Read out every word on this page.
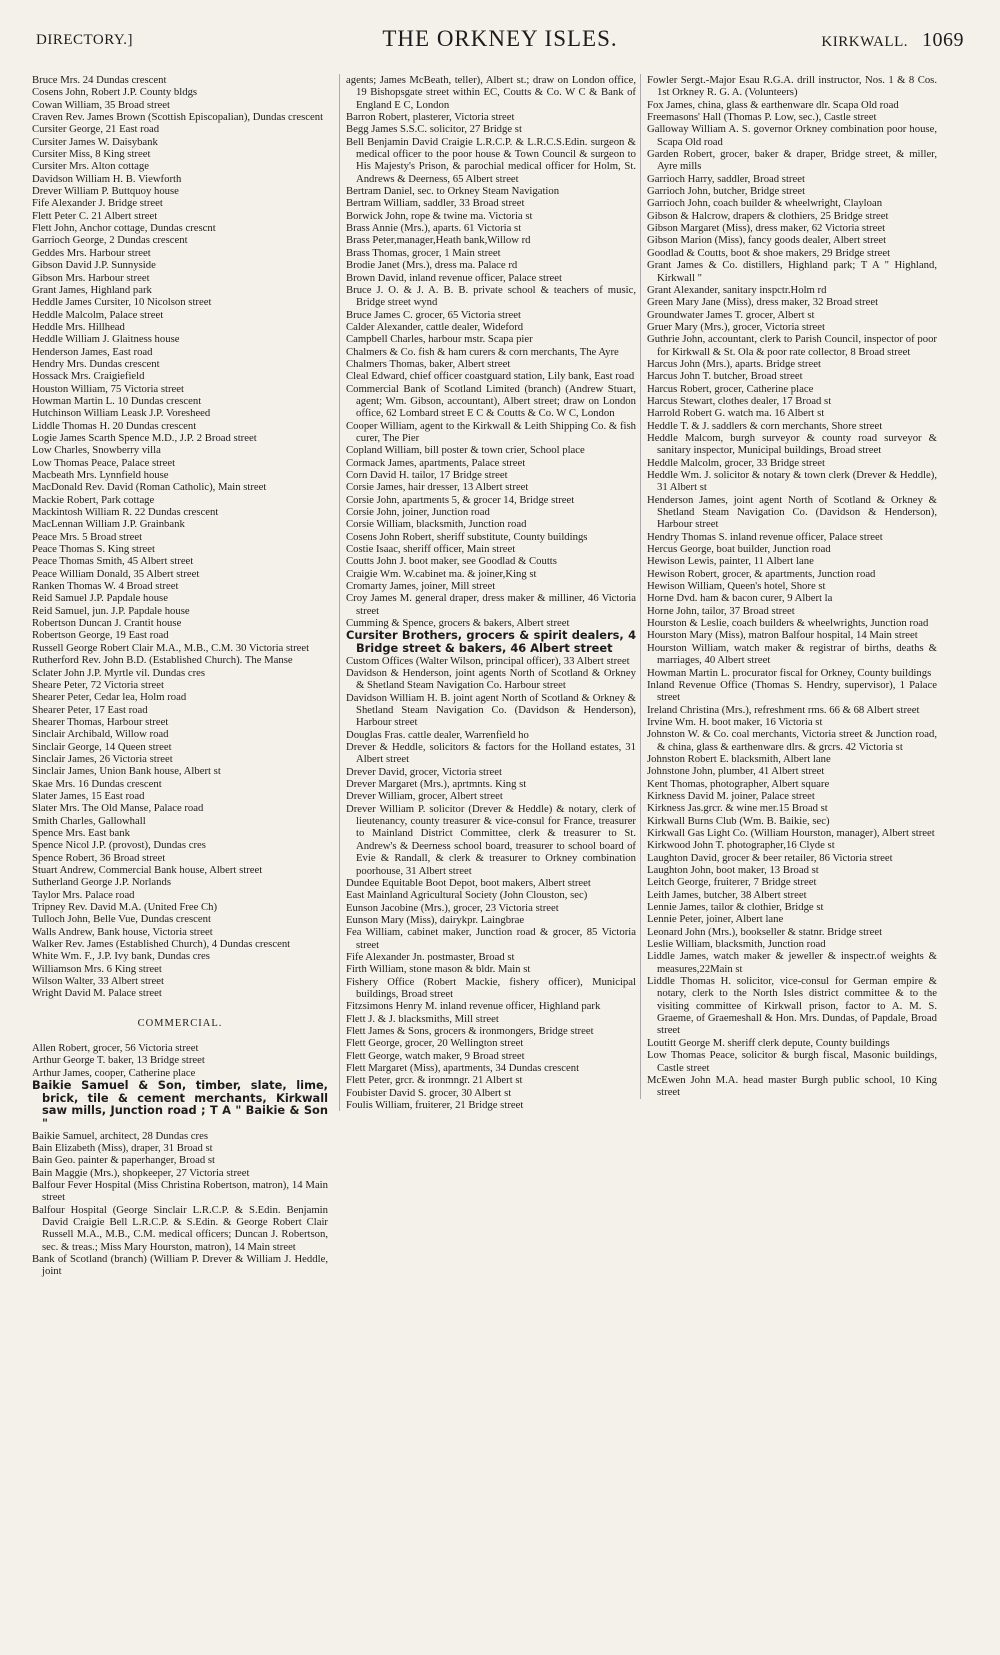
DIRECTORY.]	THE ORKNEY ISLES.	KIRKWALL. 1069
Bruce Mrs. 24 Dundas crescent
Cosens John, Robert J.P. County bldgs
Cowan William, 35 Broad street
Craven Rev. James Brown (Scottish Episcopalian), Dundas crescent
Cursiter George, 21 East road
Cursiter James W. Daisybank
Cursiter Miss, 8 King street
Cursiter Mrs. Alton cottage
Davidson William H. B. Viewforth
Drever William P. Buttquoy house
Fife Alexander J. Bridge street
Flett Peter C. 21 Albert street
Flett John, Anchor cottage, Dundas crescnt
Garrioch George, 2 Dundas crescent
Geddes Mrs. Harbour street
Gibson David J.P. Sunnyside
Gibson Mrs. Harbour street
Grant James, Highland park
Heddle James Cursiter, 10 Nicolson street
Heddle Malcolm, Palace street
Heddle Mrs. Hillhead
Heddle William J. Glaitness house
Henderson James, East road
Hendry Mrs. Dundas crescent
Hossack Mrs. Craigiefield
Houston William, 75 Victoria street
Howman Martin L. 10 Dundas crescent
Hutchinson William Leask J.P. Voresheed
Liddle Thomas H. 20 Dundas crescent
Logie James Scarth Spence M.D., J.P. 2 Broad street
Low Charles, Snowberry villa
Low Thomas Peace, Palace street
Macbeath Mrs. Lynnfield house
MacDonald Rev. David (Roman Catholic), Main street
Mackie Robert, Park cottage
Mackintosh William R. 22 Dundas crescent
MacLennan William J.P. Grainbank
Peace Mrs. 5 Broad street
Peace Thomas S. King street
Peace Thomas Smith, 45 Albert street
Peace William Donald, 35 Albert street
Ranken Thomas W. 4 Broad street
Reid Samuel J.P. Papdale house
Reid Samuel, jun. J.P. Papdale house
Robertson Duncan J. Crantit house
Robertson George, 19 East road
Russell George Robert Clair M.A., M.B., C.M. 30 Victoria street
Rutherford Rev. John B.D. (Established Church). The Manse
Sclater John J.P. Myrtle vil. Dundas cres
Sheare Peter, 72 Victoria street
Shearer Peter, Cedar lea, Holm road
Shearer Peter, 17 East road
Shearer Thomas, Harbour street
Sinclair Archibald, Willow road
Sinclair George, 14 Queen street
Sinclair James, 26 Victoria street
Sinclair James, Union Bank house, Albert st
Skae Mrs. 16 Dundas crescent
Slater James, 15 East road
Slater Mrs. The Old Manse, Palace road
Smith Charles, Gallowhall
Spence Mrs. East bank
Spence Nicol J.P. (provost), Dundas cres
Spence Robert, 36 Broad street
Stuart Andrew, Commercial Bank house, Albert street
Sutherland George J.P. Norlands
Taylor Mrs. Palace road
Tripney Rev. David M.A. (United Free Ch)
Tulloch John, Belle Vue, Dundas crescent
Walls Andrew, Bank house, Victoria street
Walker Rev. James (Established Church), 4 Dundas crescent
White Wm. F., J.P. Ivy bank, Dundas cres
Williamson Mrs. 6 King street
Wilson Walter, 33 Albert street
Wright David M. Palace street
COMMERCIAL.
Allen Robert, grocer, 56 Victoria street
Arthur George T. baker, 13 Bridge street
Arthur James, cooper, Catherine place
Baikie Samuel & Son, timber, slate, lime, brick, tile & cement merchants, Kirkwall saw mills, Junction road ; T A " Baikie & Son "
Baikie Samuel, architect, 28 Dundas cres
Bain Elizabeth (Miss), draper, 31 Broad st
Bain Geo. painter & paperhanger, Broad st
Bain Maggie (Mrs.), shopkeeper, 27 Victoria street
Balfour Fever Hospital (Miss Christina Robertson, matron), 14 Main street
Balfour Hospital (George Sinclair L.R.C.P. & S.Edin. Benjamin David Craigie Bell L.R.C.P. & S.Edin. & George Robert Clair Russell M.A., M.B., C.M. medical officers; Duncan J. Robertson, sec. & treas.; Miss Mary Hourston, matron), 14 Main street
Bank of Scotland (branch) (William P. Drever & William J. Heddle, joint
agents; James McBeath, teller), Albert st.; draw on London office, 19 Bishopsgate street within EC, Coutts & Co. W C & Bank of England E C, London
Barron Robert, plasterer, Victoria street
Begg James S.S.C. solicitor, 27 Bridge st
Bell Benjamin David Craigie L.R.C.P. & L.R.C.S.Edin. surgeon & medical officer to the poor house & Town Council & surgeon to His Majesty's Prison, & parochial medical officer for Holm, St. Andrews & Deerness, 65 Albert street
Bertram Daniel, sec. to Orkney Steam Navigation
Bertram William, saddler, 33 Broad street
Borwick John, rope & twine ma. Victoria st
Brass Annie (Mrs.), aparts. 61 Victoria st
Brass Peter,manager,Heath bank,Willow rd
Brass Thomas, grocer, 1 Main street
Brodie Janet (Mrs.), dress ma. Palace rd
Brown David, inland revenue officer, Palace street
Bruce J. O. & J. A. B. B. private school & teachers of music, Bridge street wynd
Bruce James C. grocer, 65 Victoria street
Calder Alexander, cattle dealer, Wideford
Campbell Charles, harbour mstr. Scapa pier
Chalmers & Co. fish & ham curers & corn merchants, The Ayre
Chalmers Thomas, baker, Albert street
Cleal Edward, chief officer coastguard station, Lily bank, East road
Commercial Bank of Scotland Limited (branch) (Andrew Stuart, agent; Wm. Gibson, accountant), Albert street; draw on London office, 62 Lombard street E C & Coutts & Co. W C, London
Cooper William, agent to the Kirkwall & Leith Shipping Co. & fish curer, The Pier
Copland William, bill poster & town crier, School place
Cormack James, apartments, Palace street
Corn David H. tailor, 17 Bridge street
Corsie James, hair dresser, 13 Albert street
Corsie John, apartments 5, & grocer 14, Bridge street
Corsie John, joiner, Junction road
Corsie William, blacksmith, Junction road
Cosens John Robert, sheriff substitute, County buildings
Costie Isaac, sheriff officer, Main street
Coutts John J. boot maker, see Goodlad & Coutts
Craigie Wm. W.cabinet ma. & joiner,King st
Cromarty James, joiner, Mill street
Croy James M. general draper, dress maker & milliner, 46 Victoria street
Cumming & Spence, grocers & bakers, Albert street
Cursiter Brothers, grocers & spirit dealers, 4 Bridge street & bakers, 46 Albert street
Custom Offices (Walter Wilson, principal officer), 33 Albert street
Davidson & Henderson, joint agents North of Scotland & Orkney & Shetland Steam Navigation Co. Harbour street
Davidson William H. B. joint agent North of Scotland & Orkney & Shetland Steam Navigation Co. (Davidson & Henderson), Harbour street
Douglas Fras. cattle dealer, Warrenfield ho
Drever & Heddle, solicitors & factors for the Holland estates, 31 Albert street
Drever David, grocer, Victoria street
Drever Margaret (Mrs.), aprtmnts. King st
Drever William, grocer, Albert street
Drever William P. solicitor (Drever & Heddle) & notary, clerk of lieutenancy, county treasurer & vice-consul for France, treasurer to Mainland District Committee, clerk & treasurer to St. Andrew's & Deerness school board, treasurer to school board of Evie & Randall, & clerk & treasurer to Orkney combination poorhouse, 31 Albert street
Dundee Equitable Boot Depot, boot makers, Albert street
East Mainland Agricultural Society (John Clouston, sec)
Eunson Jacobine (Mrs.), grocer, 23 Victoria street
Eunson Mary (Miss), dairykpr. Laingbrae
Fea William, cabinet maker, Junction road & grocer, 85 Victoria street
Fife Alexander Jn. postmaster, Broad st
Firth William, stone mason & bldr. Main st
Fishery Office (Robert Mackie, fishery officer), Municipal buildings, Broad street
Fitzsimons Henry M. inland revenue officer, Highland park
Flett J. & J. blacksmiths, Mill street
Flett James & Sons, grocers & ironmongers, Bridge street
Flett George, grocer, 20 Wellington street
Flett George, watch maker, 9 Broad street
Flett Margaret (Miss), apartments, 34 Dundas crescent
Flett Peter, grcr. & ironmngr. 21 Albert st
Foubister David S. grocer, 30 Albert st
Foulis William, fruiterer, 21 Bridge street
Fowler Sergt.-Major Esau R.G.A. drill instructor, Nos. 1 & 8 Cos. 1st Orkney R. G. A. (Volunteers)
Fox James, china, glass & earthenware dlr. Scapa Old road
Freemasons' Hall (Thomas P. Low, sec.), Castle street
Galloway William A. S. governor Orkney combination poor house, Scapa Old road
Garden Robert, grocer, baker & draper, Bridge street, & miller, Ayre mills
Garrioch Harry, saddler, Broad street
Garrioch John, butcher, Bridge street
Garrioch John, coach builder & wheelwright, Clayloan
Gibson & Halcrow, drapers & clothiers, 25 Bridge street
Gibson Margaret (Miss), dress maker, 62 Victoria street
Gibson Marion (Miss), fancy goods dealer, Albert street
Goodlad & Coutts, boot & shoe makers, 29 Bridge street
Grant James & Co. distillers, Highland park; T A " Highland, Kirkwall "
Grant Alexander, sanitary inspctr.Holm rd
Green Mary Jane (Miss), dress maker, 32 Broad street
Groundwater James T. grocer, Albert st
Gruer Mary (Mrs.), grocer, Victoria street
Guthrie John, accountant, clerk to Parish Council, inspector of poor for Kirkwall & St. Ola & poor rate collector, 8 Broad street
Harcus John (Mrs.), aparts. Bridge street
Harcus John T. butcher, Broad street
Harcus Robert, grocer, Catherine place
Harcus Stewart, clothes dealer, 17 Broad st
Harrold Robert G. watch ma. 16 Albert st
Heddle T. & J. saddlers & corn merchants, Shore street
Heddle Malcom, burgh surveyor & county road surveyor & sanitary inspector, Municipal buildings, Broad street
Heddle Malcolm, grocer, 33 Bridge street
Heddle Wm. J. solicitor & notary & town clerk (Drever & Heddle), 31 Albert st
Henderson James, joint agent North of Scotland & Orkney & Shetland Steam Navigation Co. (Davidson & Henderson), Harbour street
Hendry Thomas S. inland revenue officer, Palace street
Hercus George, boat builder, Junction road
Hewison Lewis, painter, 11 Albert lane
Hewison Robert, grocer, & apartments, Junction road
Hewison William, Queen's hotel, Shore st
Horne Dvd. ham & bacon curer, 9 Albert la
Horne John, tailor, 37 Broad street
Hourston & Leslie, coach builders & wheelwrights, Junction road
Hourston Mary (Miss), matron Balfour hospital, 14 Main street
Hourston William, watch maker & registrar of births, deaths & marriages, 40 Albert street
Howman Martin L. procurator fiscal for Orkney, County buildings
Inland Revenue Office (Thomas S. Hendry, supervisor), 1 Palace street
Ireland Christina (Mrs.), refreshment rms. 66 & 68 Albert street
Irvine Wm. H. boot maker, 16 Victoria st
Johnston W. & Co. coal merchants, Victoria street & Junction road, & china, glass & earthenware dlrs. & grcrs. 42 Victoria st
Johnston Robert E. blacksmith, Albert lane
Johnstone John, plumber, 41 Albert street
Kent Thomas, photographer, Albert square
Kirkness David M. joiner, Palace street
Kirkness Jas.grcr. & wine mer.15 Broad st
Kirkwall Burns Club (Wm. B. Baikie, sec)
Kirkwall Gas Light Co. (William Hourston, manager), Albert street
Kirkwood John T. photographer,16 Clyde st
Laughton David, grocer & beer retailer, 86 Victoria street
Laughton John, boot maker, 13 Broad st
Leitch George, fruiterer, 7 Bridge street
Leith James, butcher, 38 Albert street
Lennie James, tailor & clothier, Bridge st
Lennie Peter, joiner, Albert lane
Leonard John (Mrs.), bookseller & statnr. Bridge street
Leslie William, blacksmith, Junction road
Liddle James, watch maker & jeweller & inspectr.of weights & measures,22Main st
Liddle Thomas H. solicitor, vice-consul for German empire & notary, clerk to the North Isles district committee & to the visiting committee of Kirkwall prison, factor to A. M. S. Graeme, of Graemeshall & Hon. Mrs. Dundas, of Papdale, Broad street
Loutitt George M. sheriff clerk depute, County buildings
Low Thomas Peace, solicitor & burgh fiscal, Masonic buildings, Castle street
McEwen John M.A. head master Burgh public school, 10 King street
